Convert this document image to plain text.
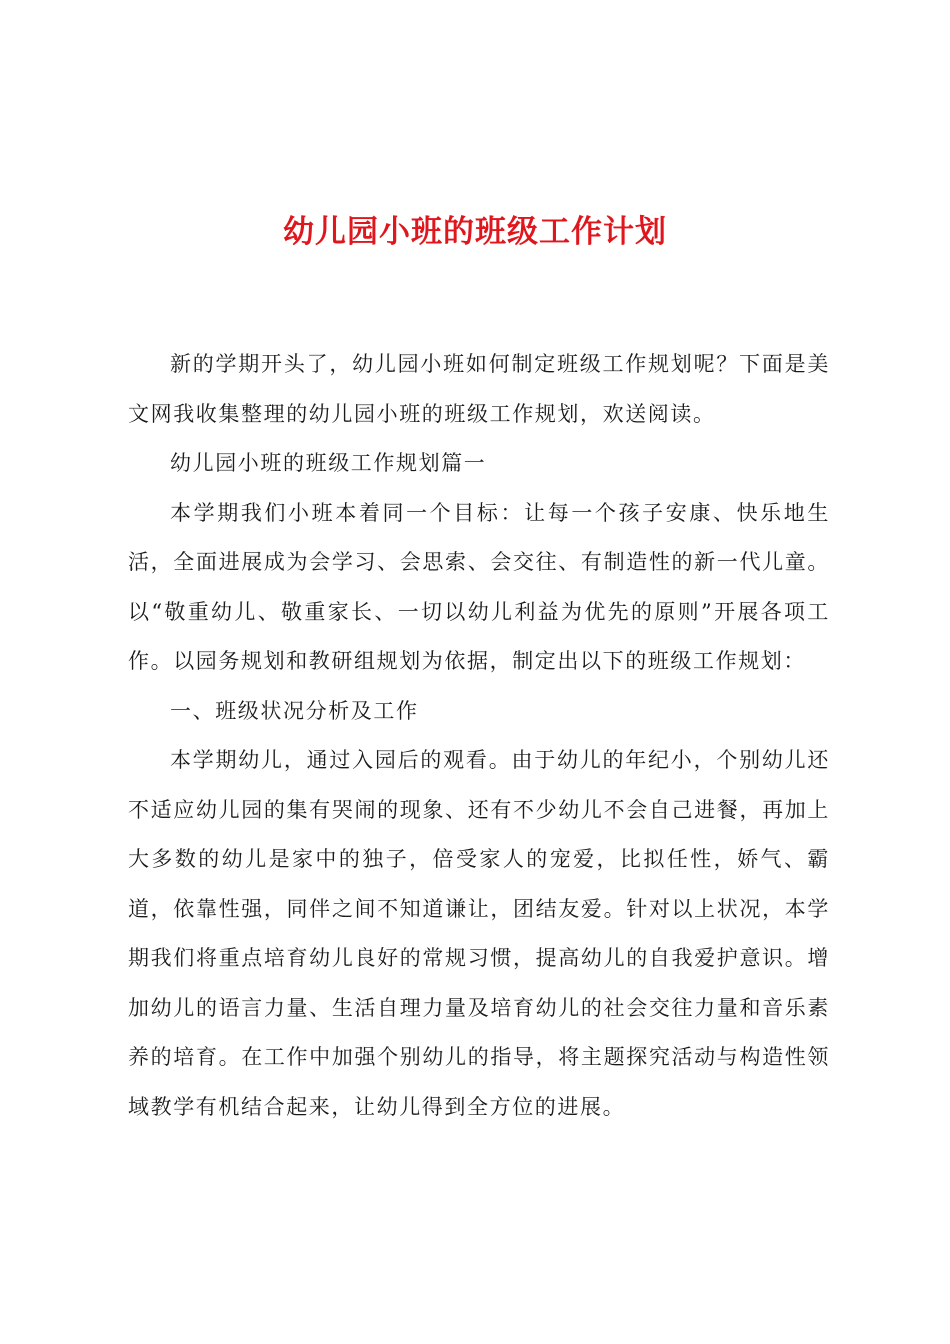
幼儿园小班的班级工作计划

新的学期开头了，幼儿园小班如何制定班级工作规划呢？下面是美文网我收集整理的幼儿园小班的班级工作规划，欢送阅读。

幼儿园小班的班级工作规划篇一

本学期我们小班本着同一个目标：让每一个孩子安康、快乐地生活，全面进展成为会学习、会思索、会交往、有制造性的新一代儿童。以“敬重幼儿、敬重家长、一切以幼儿利益为优先的原则”开展各项工作。以园务规划和教研组规划为依据，制定出以下的班级工作规划：

一、班级状况分析及工作

本学期幼儿，通过入园后的观看。由于幼儿的年纪小，个别幼儿还不适应幼儿园的集有哭闹的现象、还有不少幼儿不会自己进餐，再加上大多数的幼儿是家中的独子，倍受家人的宠爱，比拟任性，娇气、霸道，依靠性强，同伴之间不知道谦让，团结友爱。针对以上状况，本学期我们将重点培育幼儿良好的常规习惯，提高幼儿的自我爱护意识。增加幼儿的语言力量、生活自理力量及培育幼儿的社会交往力量和音乐素养的培育。在工作中加强个别幼儿的指导，将主题探究活动与构造性领域教学有机结合起来，让幼儿得到全方位的进展。
